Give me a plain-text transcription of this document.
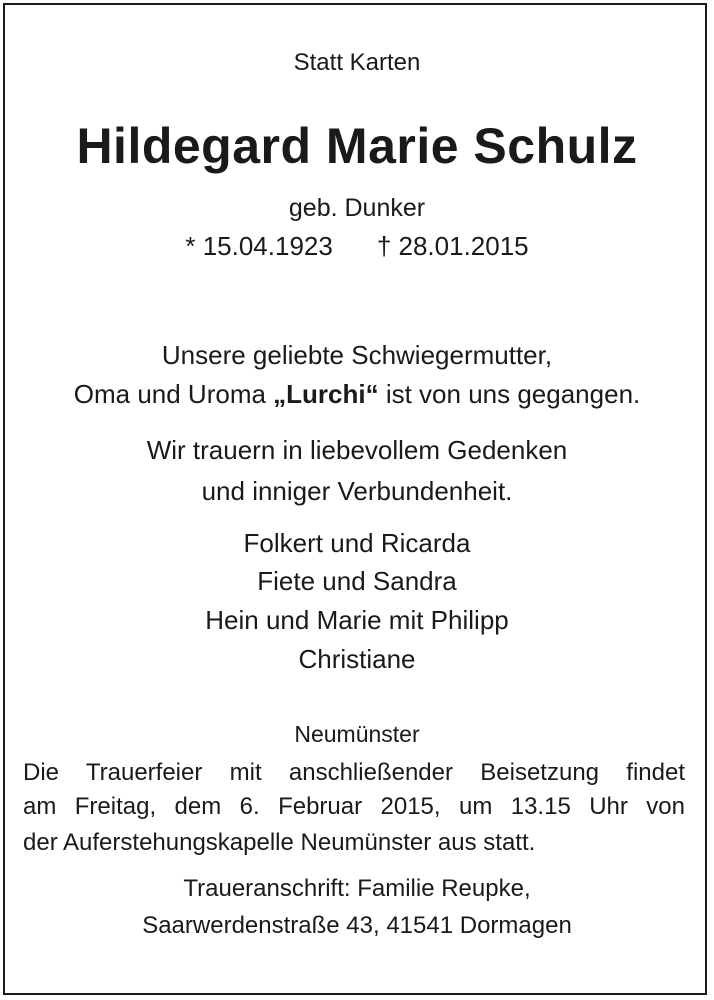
Statt Karten
Hildegard Marie Schulz
geb. Dunker
* 15.04.1923 † 28.01.2015
Unsere geliebte Schwiegermutter,
Oma und Uroma „Lurchi“ ist von uns gegangen.
Wir trauern in liebevollem Gedenken
und inniger Verbundenheit.
Folkert und Ricarda
Fiete und Sandra
Hein und Marie mit Philipp
Christiane
Neumünster
Die Trauerfeier mit anschließender Beisetzung findet
am Freitag, dem 6. Februar 2015, um 13.15 Uhr von
der Auferstehungskapelle Neumünster aus statt.
Traueranschrift: Familie Reupke,
Saarwerdenstraße 43, 41541 Dormagen
